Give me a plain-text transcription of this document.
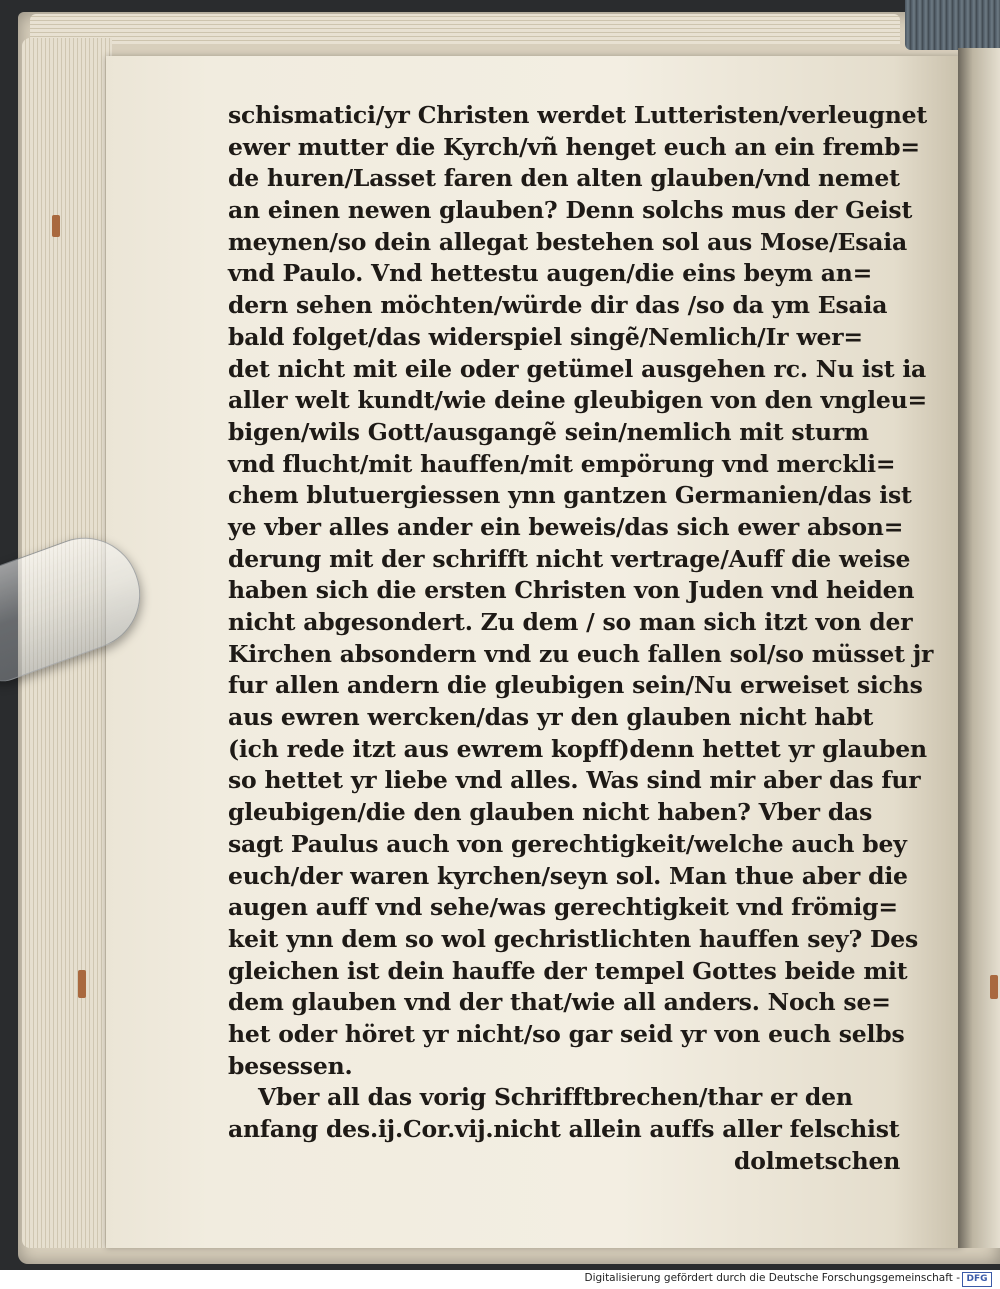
schismatici/yr Christen werdet Lutteristen/verleugnet
ewer mutter die Kyrch/vñ henget euch an ein fremb=
de huren/Lasset faren den alten glauben/vnd nemet
an einen newen glauben? Denn solchs mus der Geist
meynen/so dein allegat bestehen sol aus Mose/Esaia
vnd Paulo. Vnd hettestu augen/die eins beym an=
dern sehen möchten/würde dir das /so da ym Esaia
bald folget/das widerspiel singẽ/Nemlich/Ir wer=
det nicht mit eile oder getümel ausgehen rc. Nu ist ia
aller welt kundt/wie deine gleubigen von den vngleu=
bigen/wils Gott/ausgangẽ sein/nemlich mit sturm
vnd flucht/mit hauffen/mit empörung vnd merckli=
chem blutuergiessen ynn gantzen Germanien/das ist
ye vber alles ander ein beweis/das sich ewer abson=
derung mit der schrifft nicht vertrage/Auff die weise
haben sich die ersten Christen von Juden vnd heiden
nicht abgesondert. Zu dem / so man sich itzt von der
Kirchen absondern vnd zu euch fallen sol/so müsset jr
fur allen andern die gleubigen sein/Nu erweiset sichs
aus ewren wercken/das yr den glauben nicht habt
(ich rede itzt aus ewrem kopff)denn hettet yr glauben
so hettet yr liebe vnd alles. Was sind mir aber das fur
gleubigen/die den glauben nicht haben? Vber das
sagt Paulus auch von gerechtigkeit/welche auch bey
euch/der waren kyrchen/seyn sol. Man thue aber die
augen auff vnd sehe/was gerechtigkeit vnd frömig=
keit ynn dem so wol gechristlichten hauffen sey? Des
gleichen ist dein hauffe der tempel Gottes beide mit
dem glauben vnd der that/wie all anders. Noch se=
het oder höret yr nicht/so gar seid yr von euch selbs
besessen.
Vber all das vorig Schrifftbrechen/thar er den
anfang des.ij.Cor.vij.nicht allein auffs aller felschist
dolmetschen
Digitalisierung gefördert durch die Deutsche Forschungsgemeinschaft - DFG
